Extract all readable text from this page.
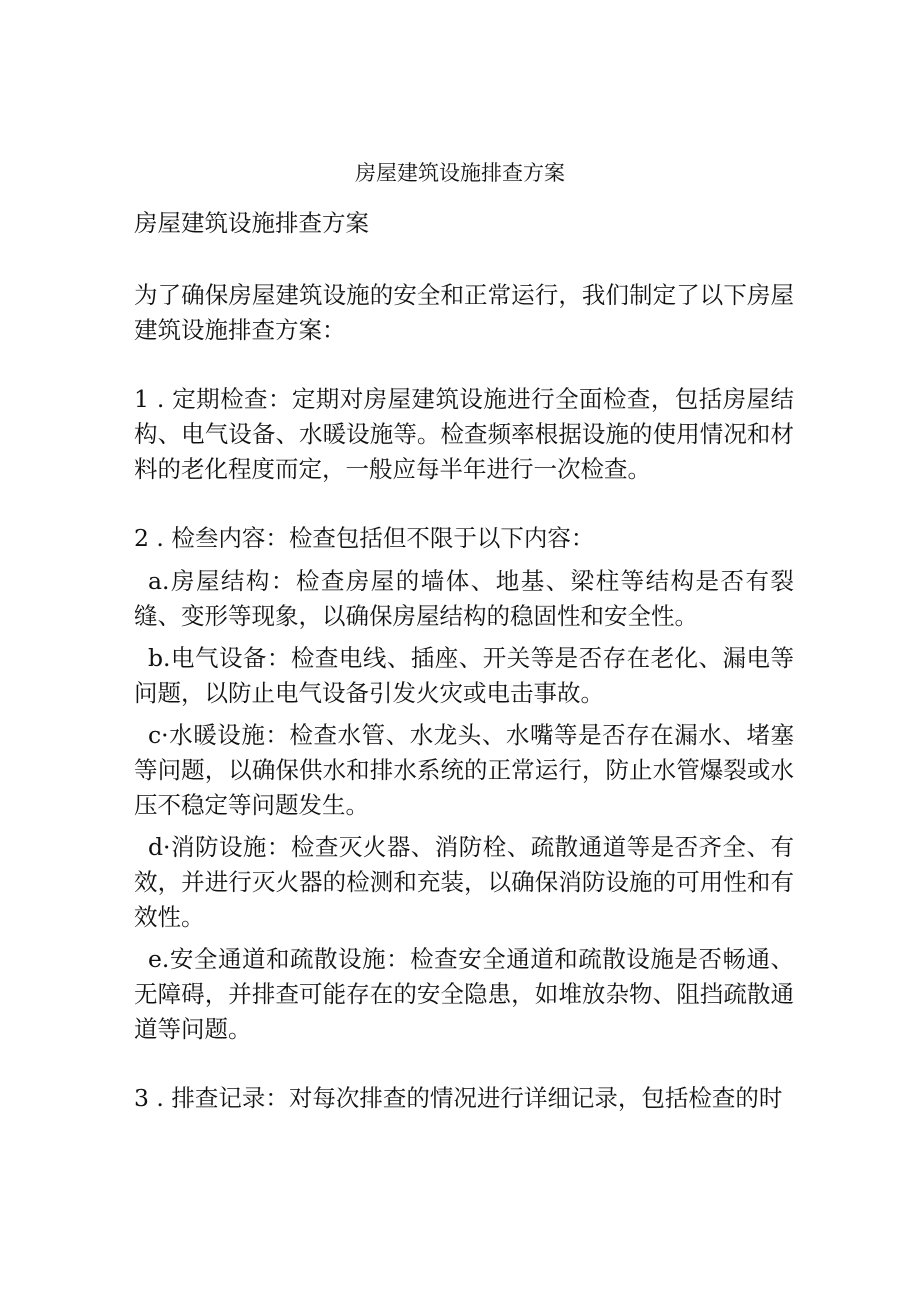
房屋建筑设施排查方案

房屋建筑设施排查方案

为了确保房屋建筑设施的安全和正常运行，我们制定了以下房屋建筑设施排查方案：

1 . 定期检查：定期对房屋建筑设施进行全面检查，包括房屋结构、电气设备、水暖设施等。检查频率根据设施的使用情况和材料的老化程度而定，一般应每半年进行一次检查。

2 . 检叁内容：检查包括但不限于以下内容：

a.房屋结构：检查房屋的墙体、地基、梁柱等结构是否有裂缝、变形等现象，以确保房屋结构的稳固性和安全性。

b.电气设备：检查电线、插座、开关等是否存在老化、漏电等问题，以防止电气设备引发火灾或电击事故。

c·水暖设施：检查水管、水龙头、水嘴等是否存在漏水、堵塞等问题，以确保供水和排水系统的正常运行，防止水管爆裂或水压不稳定等问题发生。

d·消防设施：检查灭火器、消防栓、疏散通道等是否齐全、有效，并进行灭火器的检测和充装，以确保消防设施的可用性和有效性。

e.安全通道和疏散设施：检查安全通道和疏散设施是否畅通、无障碍，并排查可能存在的安全隐患，如堆放杂物、阻挡疏散通道等问题。

3 . 排查记录：对每次排查的情况进行详细记录，包括检查的时
